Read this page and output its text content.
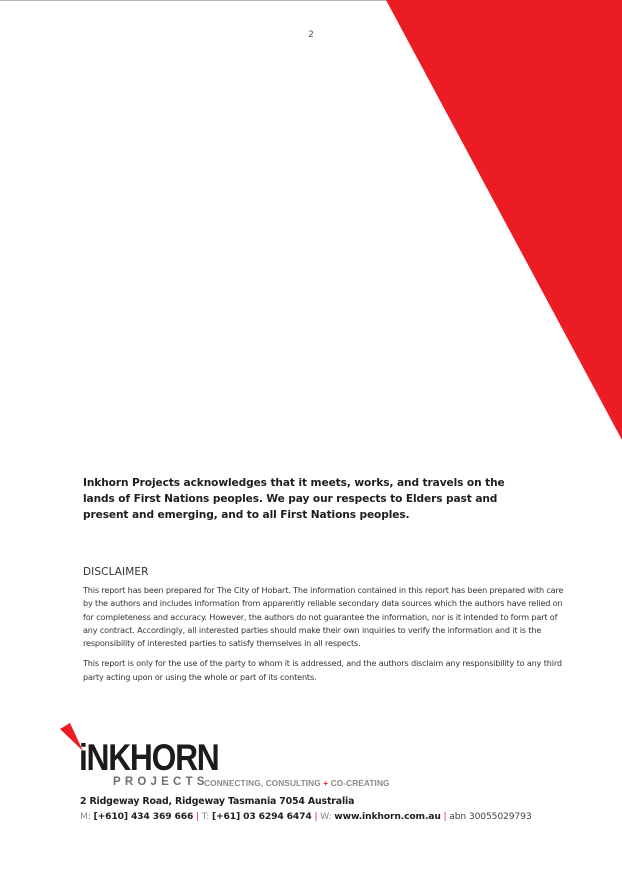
2
Inkhorn Projects acknowledges that it meets, works, and travels on the lands of First Nations peoples. We pay our respects to Elders past and present and emerging, and to all First Nations peoples.
DISCLAIMER

This report has been prepared for The City of Hobart. The information contained in this report has been prepared with care by the authors and includes information from apparently reliable secondary data sources which the authors have relied on for completeness and accuracy. However, the authors do not guarantee the information, nor is it intended to form part of any contract. Accordingly, all interested parties should make their own inquiries to verify the information and it is the responsibility of interested parties to satisfy themselves in all respects.

This report is only for the use of the party to whom it is addressed, and the authors disclaim any responsibility to any third party acting upon or using the whole or part of its contents.

iNKHORN
PROJECTS
CONNECTING, CONSULTING + CO-CREATING
2 Ridgeway Road, Ridgeway Tasmania 7054 Australia
M: [+610] 434 369 666 | T: [+61] 03 6294 6474 | W: www.inkhorn.com.au | abn 30055029793
